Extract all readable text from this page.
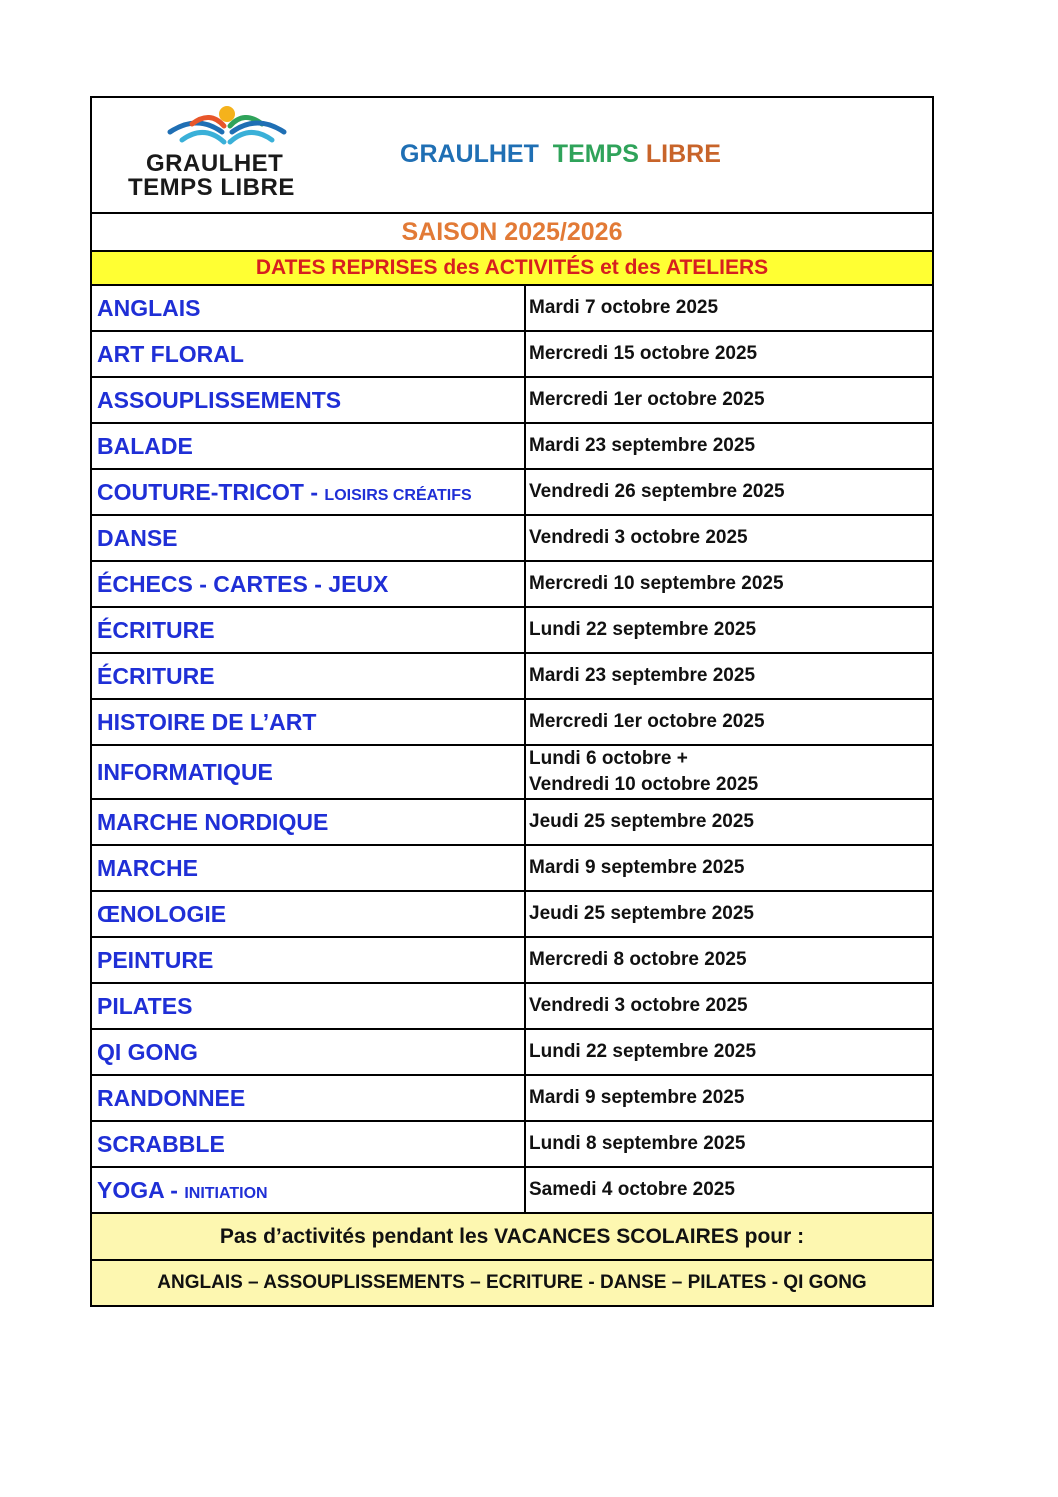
GRAULHET
TEMPS LIBRE
GRAULHET TEMPS LIBRE	

SAISON 2025/2026	
DATES REPRISES des ACTIVITÉS et des ATELIERS	
ANGLAIS	Mardi 7 octobre 2025
ART FLORAL	Mercredi 15 octobre 2025
ASSOUPLISSEMENTS	Mercredi 1er octobre 2025
BALADE	Mardi 23 septembre 2025
COUTURE-TRICOT - LOISIRS CRÉATIFS	Vendredi 26 septembre 2025
DANSE	Vendredi 3 octobre 2025
ÉCHECS - CARTES - JEUX	Mercredi 10 septembre 2025
ÉCRITURE	Lundi 22 septembre 2025
ÉCRITURE	Mardi 23 septembre 2025
HISTOIRE DE L’ART	Mercredi 1er octobre 2025
INFORMATIQUE	Lundi 6 octobre +
Vendredi 10 octobre 2025

MARCHE NORDIQUE	Jeudi 25 septembre 2025
MARCHE	Mardi 9 septembre 2025
ŒNOLOGIE	Jeudi 25 septembre 2025
PEINTURE	Mercredi 8 octobre 2025
PILATES	Vendredi 3 octobre 2025
QI GONG	Lundi 22 septembre 2025
RANDONNEE	Mardi 9 septembre 2025
SCRABBLE	Lundi 8 septembre 2025
YOGA - INITIATION	Samedi 4 octobre 2025
Pas d’activités pendant les VACANCES SCOLAIRES pour :	
ANGLAIS – ASSOUPLISSEMENTS – ECRITURE - DANSE – PILATES - QI GONG	
